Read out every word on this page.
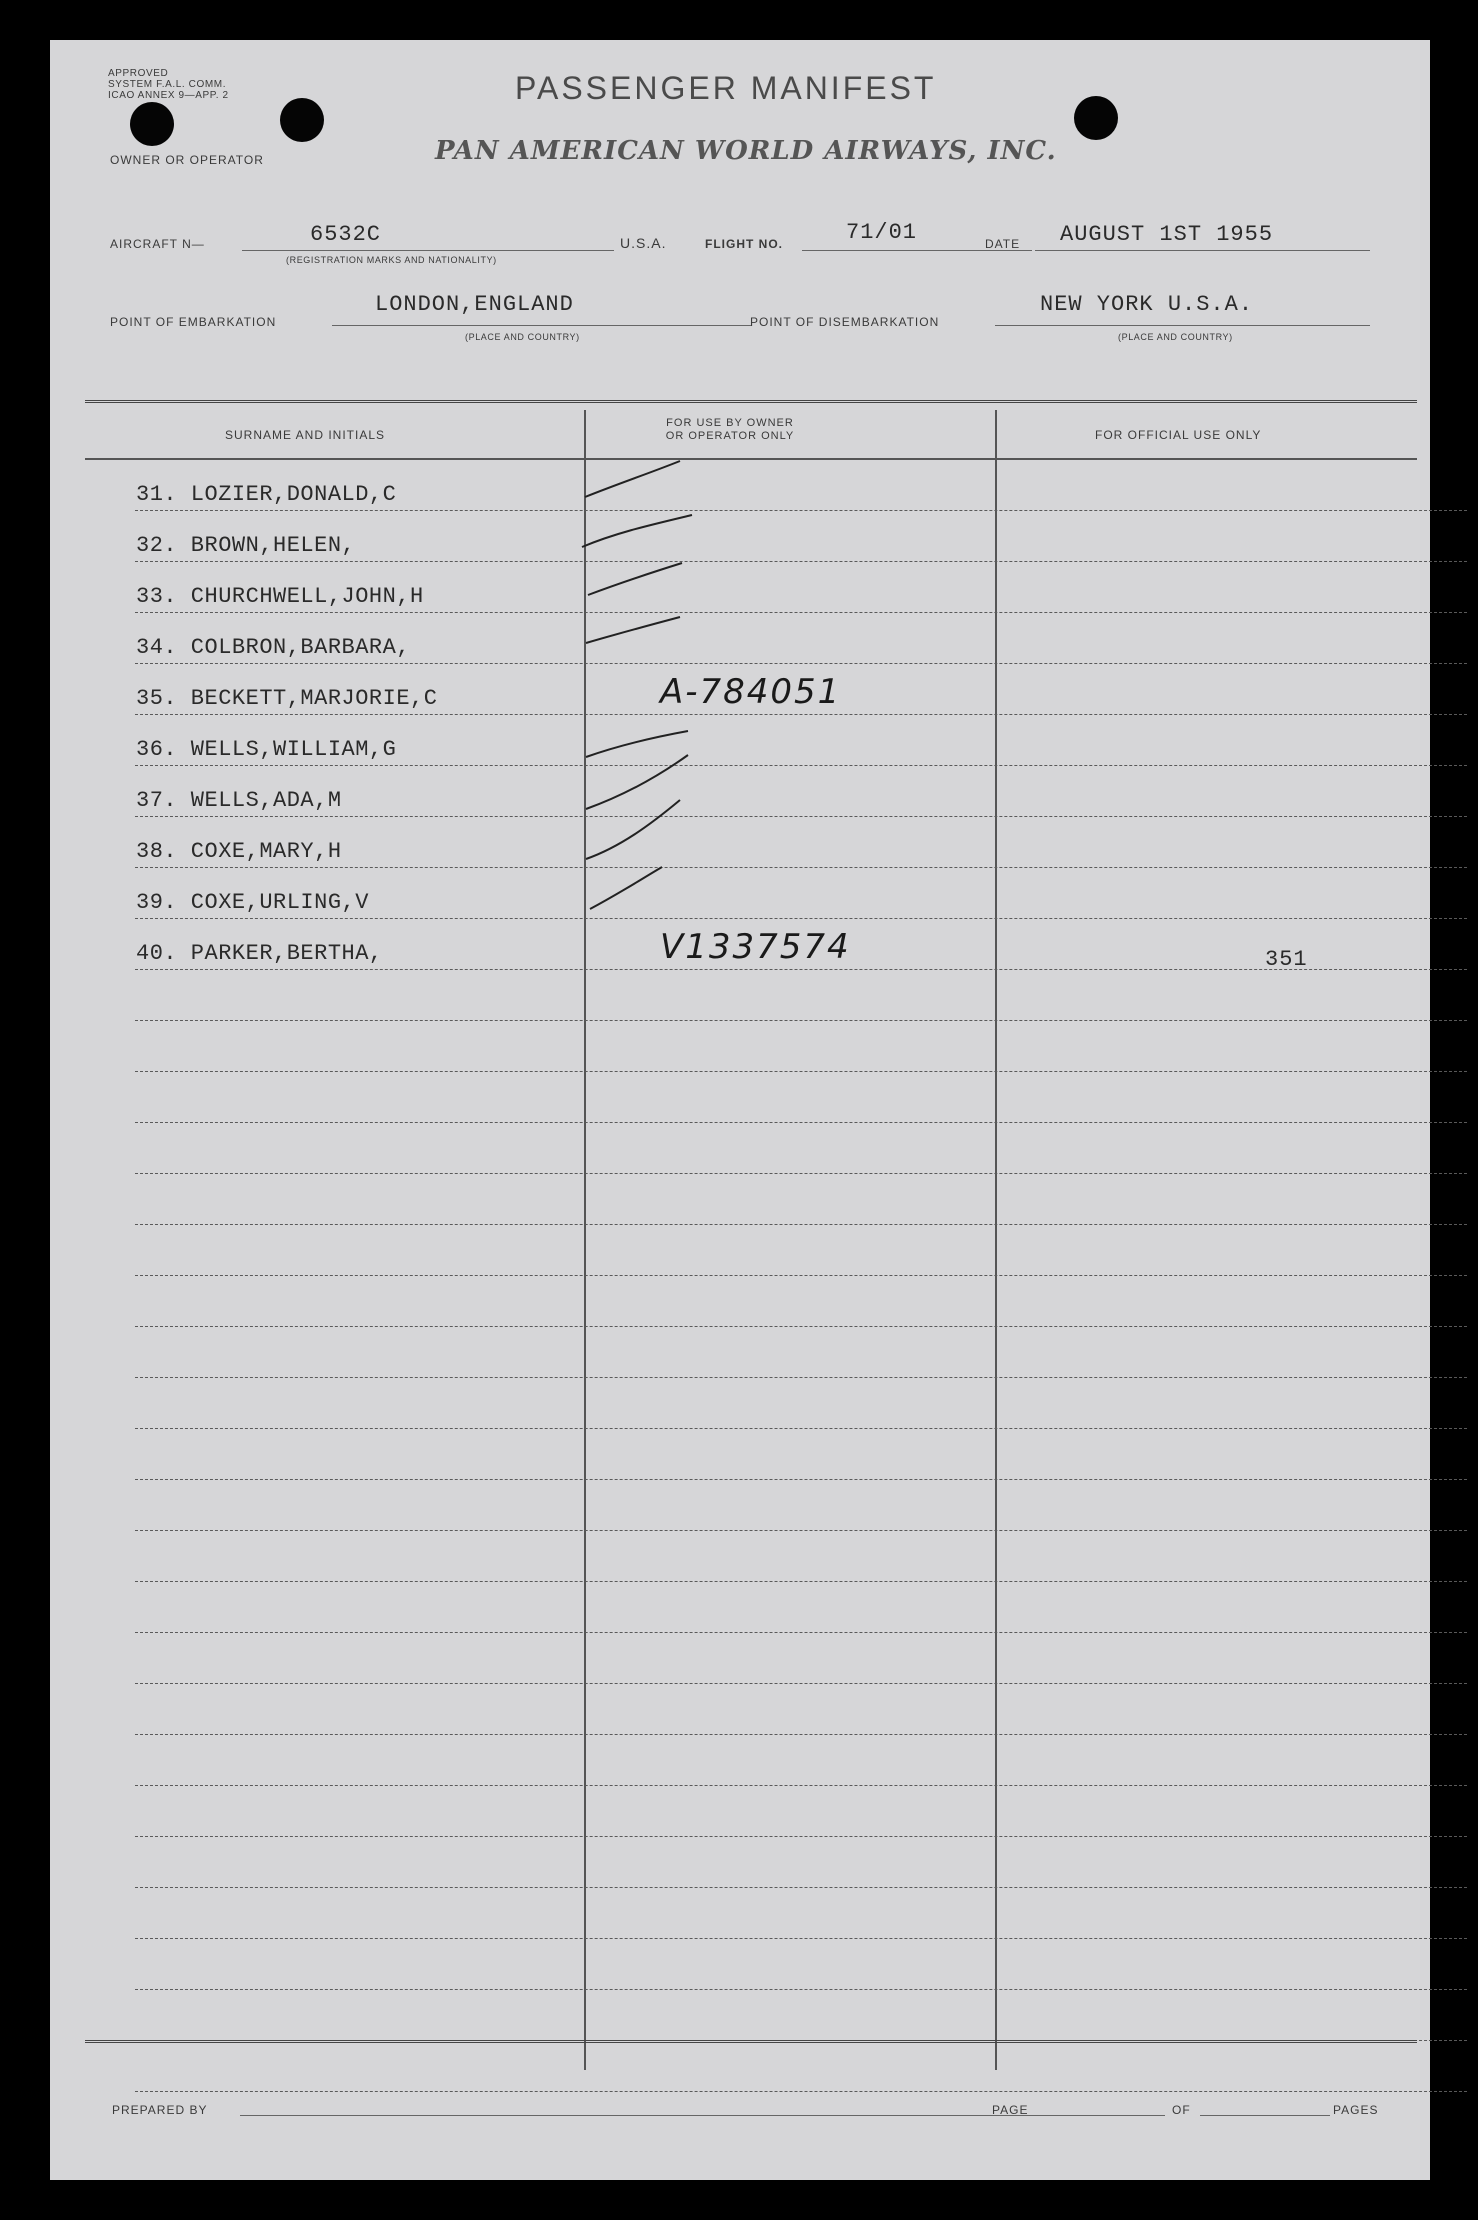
APPROVED
SYSTEM F.A.L. COMM.
ICAO ANNEX 9—APP. 2	PASSENGER MANIFEST
OWNER OR OPERATOR	PAN AMERICAN WORLD AIRWAYS, INC.
AIRCRAFT N—	6532C
(REGISTRATION MARKS AND NATIONALITY)
U.S.A.	FLIGHT NO.	71/01	DATE AUGUST 1ST 1955
POINT OF EMBARKATION
LONDON,ENGLAND
(PLACE AND COUNTRY)
POINT OF DISEMBARKATION
NEW YORK U.S.A.
(PLACE AND COUNTRY)
SURNAME AND INITIALS
FOR USE BY OWNER
OR OPERATOR ONLY	FOR OFFICIAL USE ONLY
31. LOZIER,DONALD,C
32. BROWN,HELEN,
33. CHURCHWELL,JOHN,H
34. COLBRON,BARBARA,
35. BECKETT,MARJORIE,C	A-784051
36. WELLS,WILLIAM,G
37. WELLS,ADA,M
38. COXE,MARY,H
39. COXE,URLING,V
40. PARKER,BERTHA,	V1337574	351
PREPARED BY	PAGE	OF	PAGES
